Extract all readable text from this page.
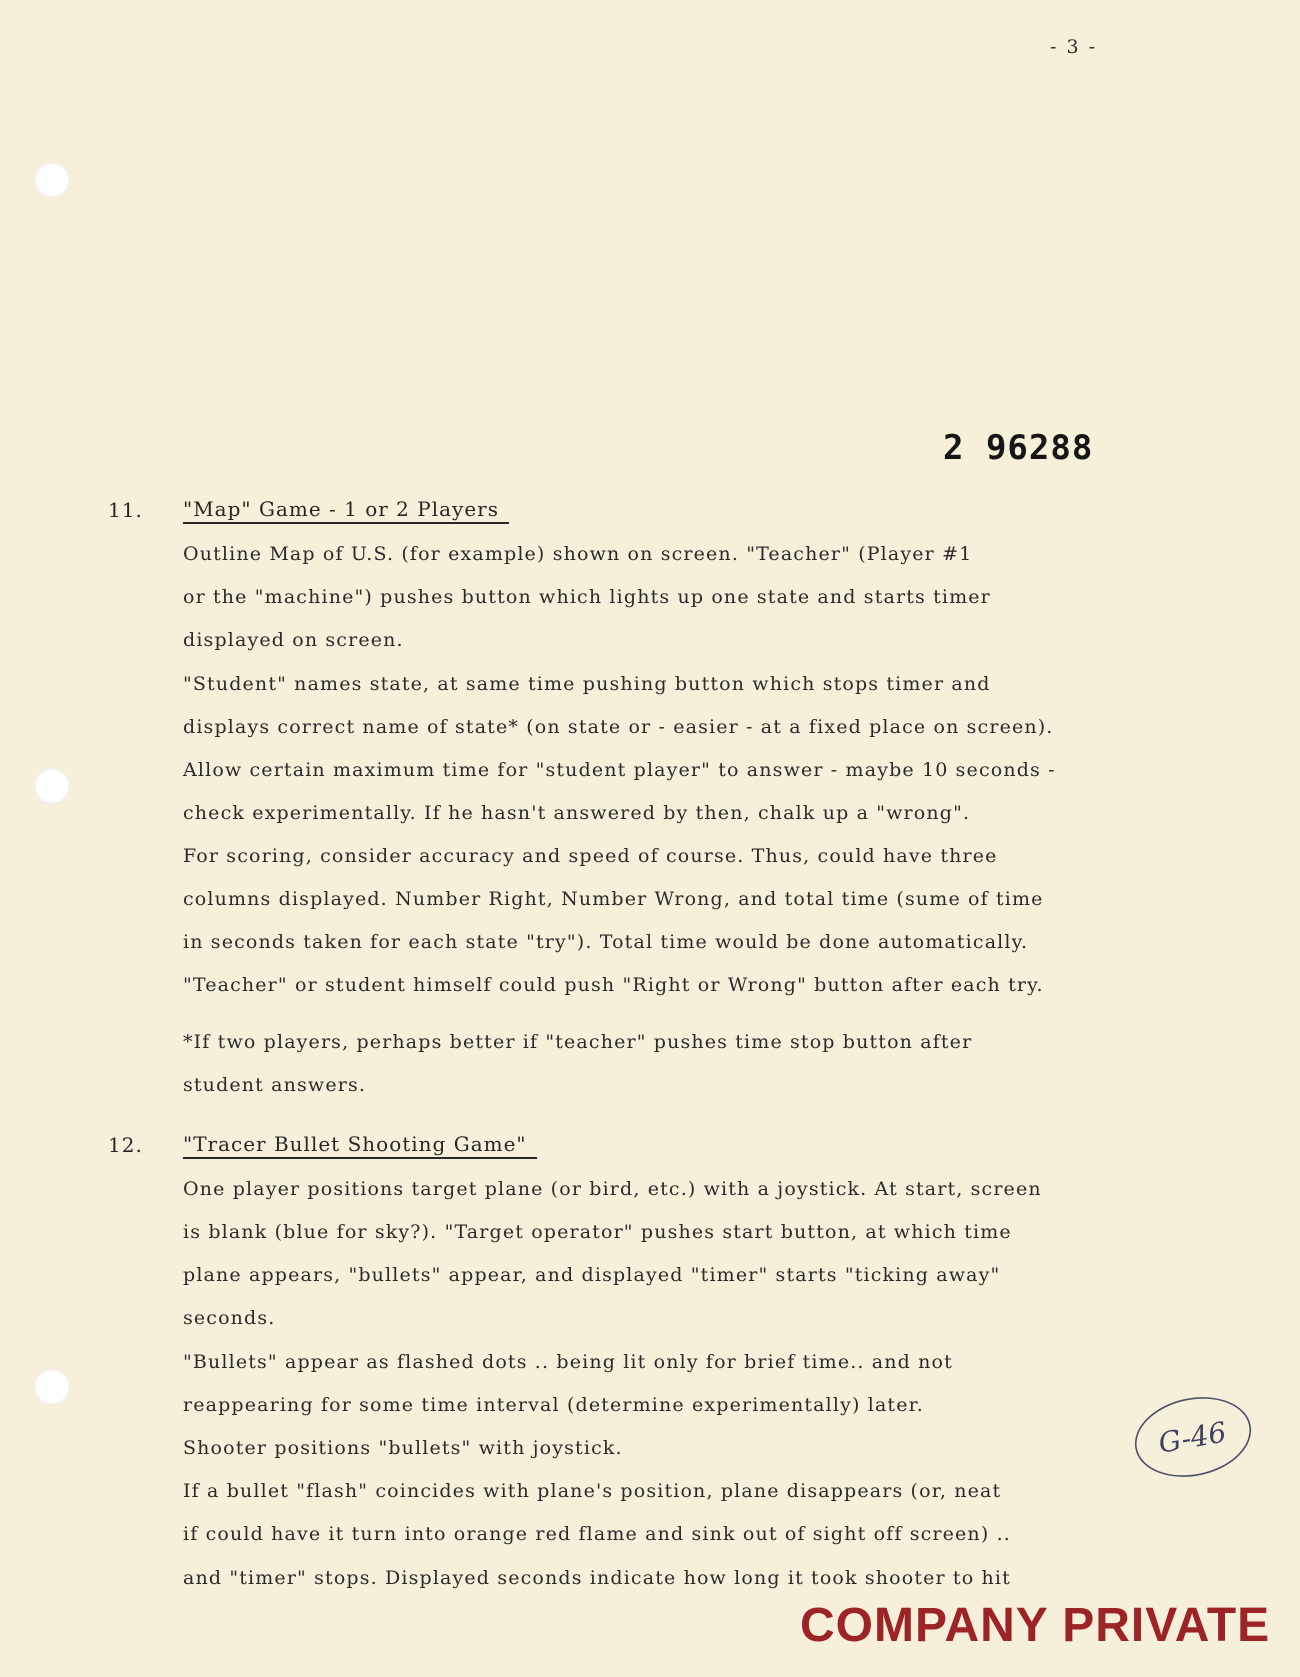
- 3 -
2 96288
11. "Map" Game - 1 or 2 Players
Outline Map of U.S. (for example) shown on screen. "Teacher" (Player #1
or the "machine") pushes button which lights up one state and starts timer
displayed on screen.
"Student" names state, at same time pushing button which stops timer and
displays correct name of state* (on state or - easier - at a fixed place on screen).
Allow certain maximum time for "student player" to answer - maybe 10 seconds -
check experimentally. If he hasn't answered by then, chalk up a "wrong".
For scoring, consider accuracy and speed of course. Thus, could have three
columns displayed. Number Right, Number Wrong, and total time (sume of time
in seconds taken for each state "try"). Total time would be done automatically.
"Teacher" or student himself could push "Right or Wrong" button after each try.
*If two players, perhaps better if "teacher" pushes time stop button after
student answers.
12. "Tracer Bullet Shooting Game"
One player positions target plane (or bird, etc.) with a joystick. At start, screen
is blank (blue for sky?). "Target operator" pushes start button, at which time
plane appears, "bullets" appear, and displayed "timer" starts "ticking away"
seconds.
"Bullets" appear as flashed dots .. being lit only for brief time.. and not
reappearing for some time interval (determine experimentally) later.
Shooter positions "bullets" with joystick.
If a bullet "flash" coincides with plane's position, plane disappears (or, neat
if could have it turn into orange red flame and sink out of sight off screen) ..
and "timer" stops. Displayed seconds indicate how long it took shooter to hit
G-46
COMPANY PRIVATE
